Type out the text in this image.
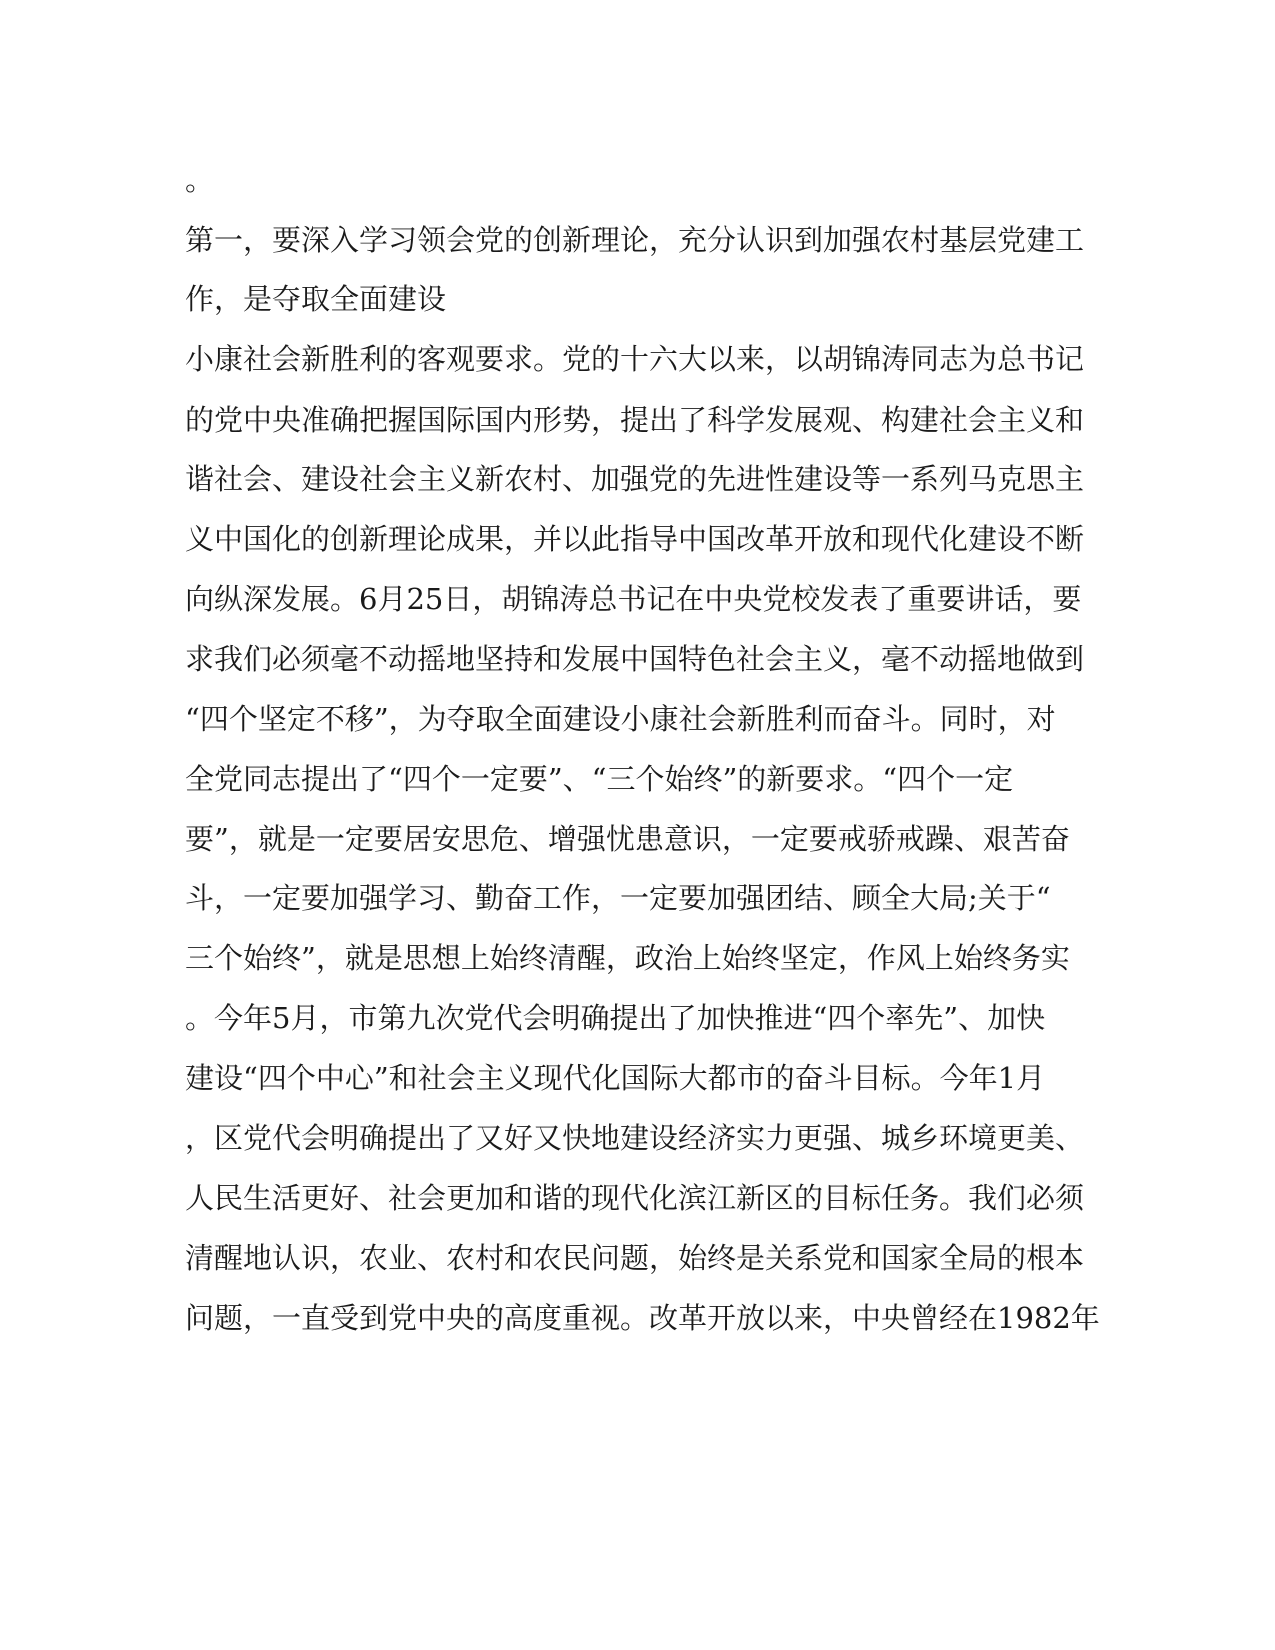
。
第一，要深入学习领会党的创新理论，充分认识到加强农村基层党建工
作，是夺取全面建设
小康社会新胜利的客观要求。党的十六大以来，以胡锦涛同志为总书记
的党中央准确把握国际国内形势，提出了科学发展观、构建社会主义和
谐社会、建设社会主义新农村、加强党的先进性建设等一系列马克思主
义中国化的创新理论成果，并以此指导中国改革开放和现代化建设不断
向纵深发展。6月25日，胡锦涛总书记在中央党校发表了重要讲话，要
求我们必须毫不动摇地坚持和发展中国特色社会主义，毫不动摇地做到
“四个坚定不移”，为夺取全面建设小康社会新胜利而奋斗。同时，对
全党同志提出了“四个一定要”、“三个始终”的新要求。“四个一定
要”，就是一定要居安思危、增强忧患意识，一定要戒骄戒躁、艰苦奋
斗，一定要加强学习、勤奋工作，一定要加强团结、顾全大局;关于“
三个始终”，就是思想上始终清醒，政治上始终坚定，作风上始终务实
。今年5月，市第九次党代会明确提出了加快推进“四个率先”、加快
建设“四个中心”和社会主义现代化国际大都市的奋斗目标。今年1月
，区党代会明确提出了又好又快地建设经济实力更强、城乡环境更美、
人民生活更好、社会更加和谐的现代化滨江新区的目标任务。我们必须
清醒地认识，农业、农村和农民问题，始终是关系党和国家全局的根本
问题，一直受到党中央的高度重视。改革开放以来，中央曾经在1982年
